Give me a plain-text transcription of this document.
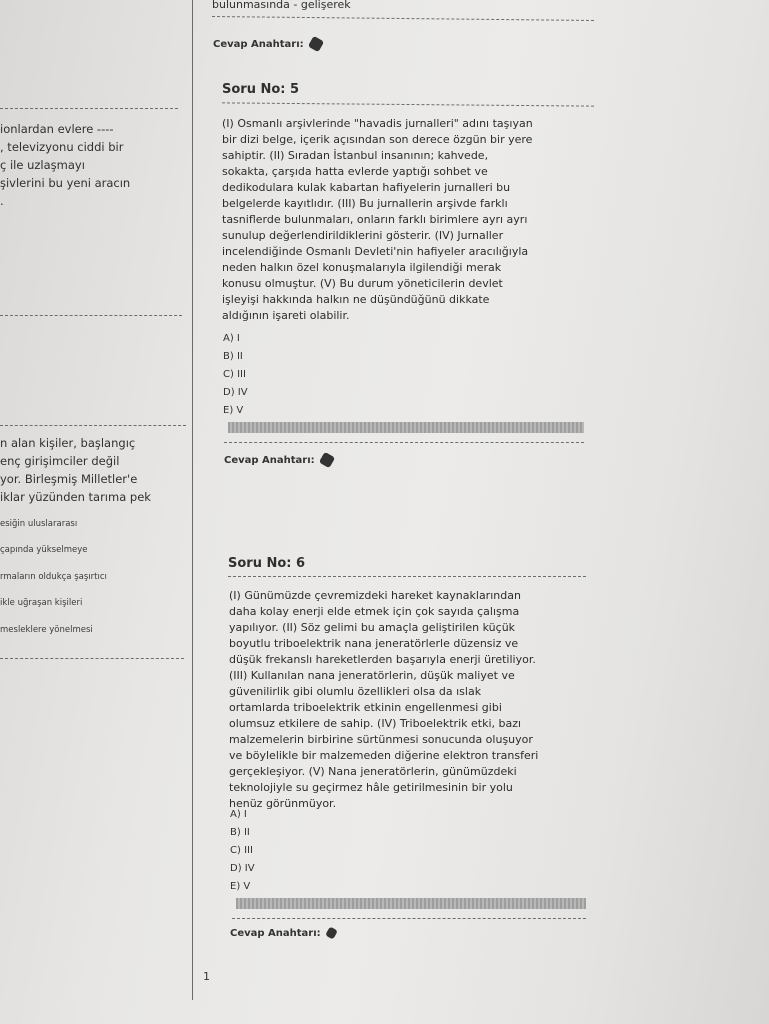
bulunmasında - gelişerek
Cevap Anahtarı:
ionlardan evlere ----
, televizyonu ciddi bir
ç ile uzlaşmayı
şivlerini bu yeni aracın
.
n alan kişiler, başlangıç
enç girişimciler değil
yor. Birleşmiş Milletler'e
iklar yüzünden tarıma pek
esiğin uluslararası
çapında yükselmeye
rmaların oldukça şaşırtıcı
ikle uğraşan kişileri
mesleklere yönelmesi
Soru No: 5
(I) Osmanlı arşivlerinde "havadis jurnalleri" adını taşıyan
bir dizi belge, içerik açısından son derece özgün bir yere
sahiptir. (II) Sıradan İstanbul insanının; kahvede,
sokakta, çarşıda hatta evlerde yaptığı sohbet ve
dedikodulara kulak kabartan hafiyelerin jurnalleri bu
belgelerde kayıtlıdır. (III) Bu jurnallerin arşivde farklı
tasniflerde bulunmaları, onların farklı birimlere ayrı ayrı
sunulup değerlendirildiklerini gösterir. (IV) Jurnaller
incelendiğinde Osmanlı Devleti'nin hafiyeler aracılığıyla
neden halkın özel konuşmalarıyla ilgilendiği merak
konusu olmuştur. (V) Bu durum yöneticilerin devlet
işleyişi hakkında halkın ne düşündüğünü dikkate
aldığının işareti olabilir.
A) I
B) II
C) III
D) IV
E) V
Cevap Anahtarı:
Soru No: 6
(I) Günümüzde çevremizdeki hareket kaynaklarından
daha kolay enerji elde etmek için çok sayıda çalışma
yapılıyor. (II) Söz gelimi bu amaçla geliştirilen küçük
boyutlu triboelektrik nana jeneratörlerle düzensiz ve
düşük frekanslı hareketlerden başarıyla enerji üretiliyor.
(III) Kullanılan nana jeneratörlerin, düşük maliyet ve
güvenilirlik gibi olumlu özellikleri olsa da ıslak
ortamlarda triboelektrik etkinin engellenmesi gibi
olumsuz etkilere de sahip. (IV) Triboelektrik etki, bazı
malzemelerin birbirine sürtünmesi sonucunda oluşuyor
ve böylelikle bir malzemeden diğerine elektron transferi
gerçekleşiyor. (V) Nana jeneratörlerin, günümüzdeki
teknolojiyle su geçirmez hâle getirilmesinin bir yolu
henüz görünmüyor.
A) I
B) II
C) III
D) IV
E) V
Cevap Anahtarı:
1
